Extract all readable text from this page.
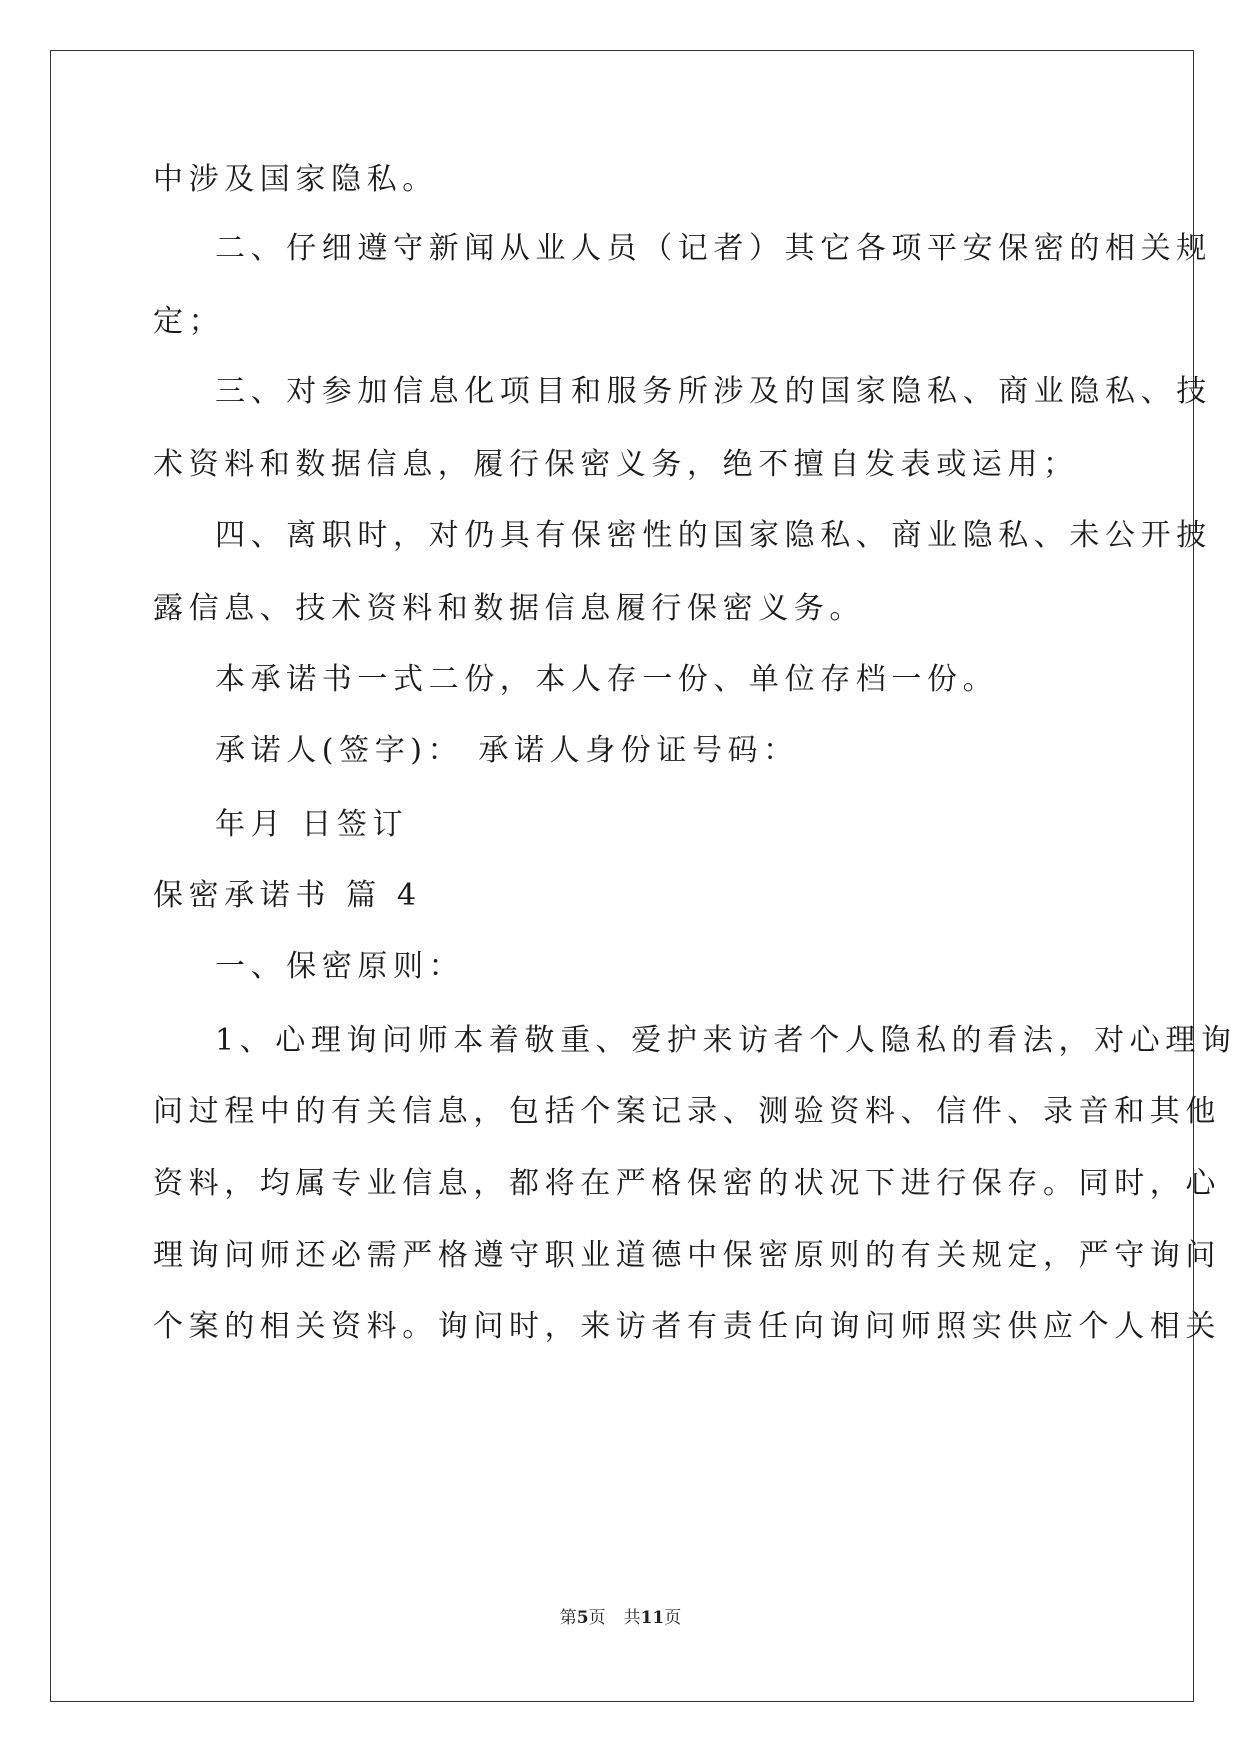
中涉及国家隐私。
二、仔细遵守新闻从业人员（记者）其它各项平安保密的相关规
定；
三、对参加信息化项目和服务所涉及的国家隐私、商业隐私、技
术资料和数据信息，履行保密义务，绝不擅自发表或运用；
四、离职时，对仍具有保密性的国家隐私、商业隐私、未公开披
露信息、技术资料和数据信息履行保密义务。
本承诺书一式二份，本人存一份、单位存档一份。
承诺人(签字)： 承诺人身份证号码：
年月 日签订
保密承诺书 篇 4
一、保密原则：
1、心理询问师本着敬重、爱护来访者个人隐私的看法，对心理询
问过程中的有关信息，包括个案记录、测验资料、信件、录音和其他
资料，均属专业信息，都将在严格保密的状况下进行保存。同时，心
理询问师还必需严格遵守职业道德中保密原则的有关规定，严守询问
个案的相关资料。询问时，来访者有责任向询问师照实供应个人相关
第5页 共11页
